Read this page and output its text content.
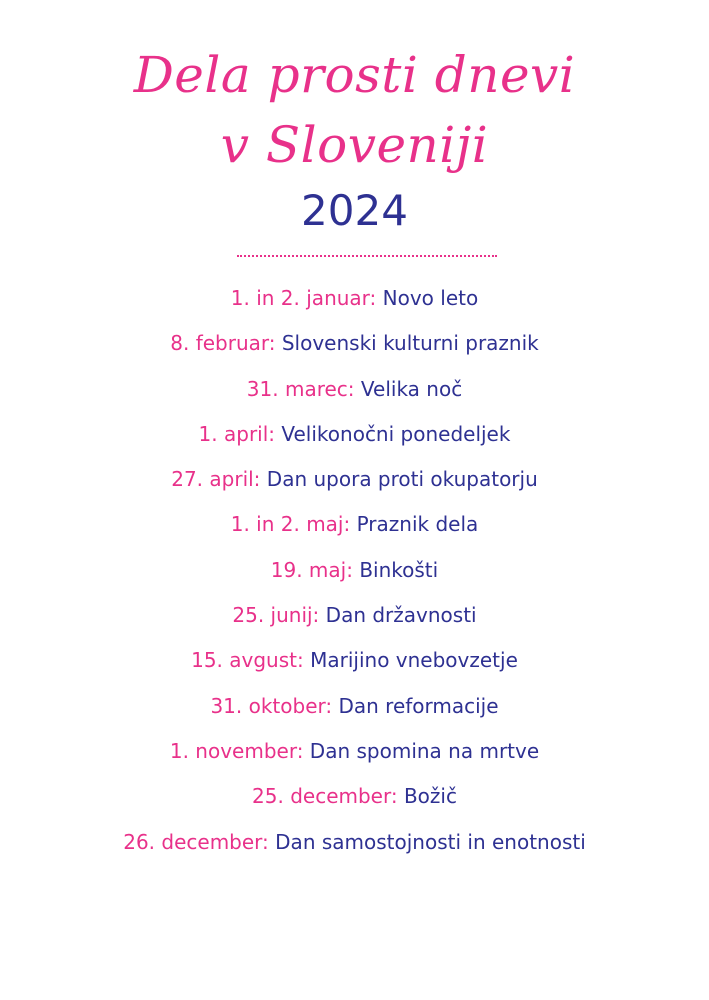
Dela prosti dnevi
v Sloveniji
2024
1. in 2. januar: Novo leto
8. februar: Slovenski kulturni praznik
31. marec: Velika noč
1. april: Velikonočni ponedeljek
27. april: Dan upora proti okupatorju
1. in 2. maj: Praznik dela
19. maj: Binkošti
25. junij: Dan državnosti
15. avgust: Marijino vnebovzetje
31. oktober: Dan reformacije
1. november: Dan spomina na mrtve
25. december: Božič
26. december: Dan samostojnosti in enotnosti
